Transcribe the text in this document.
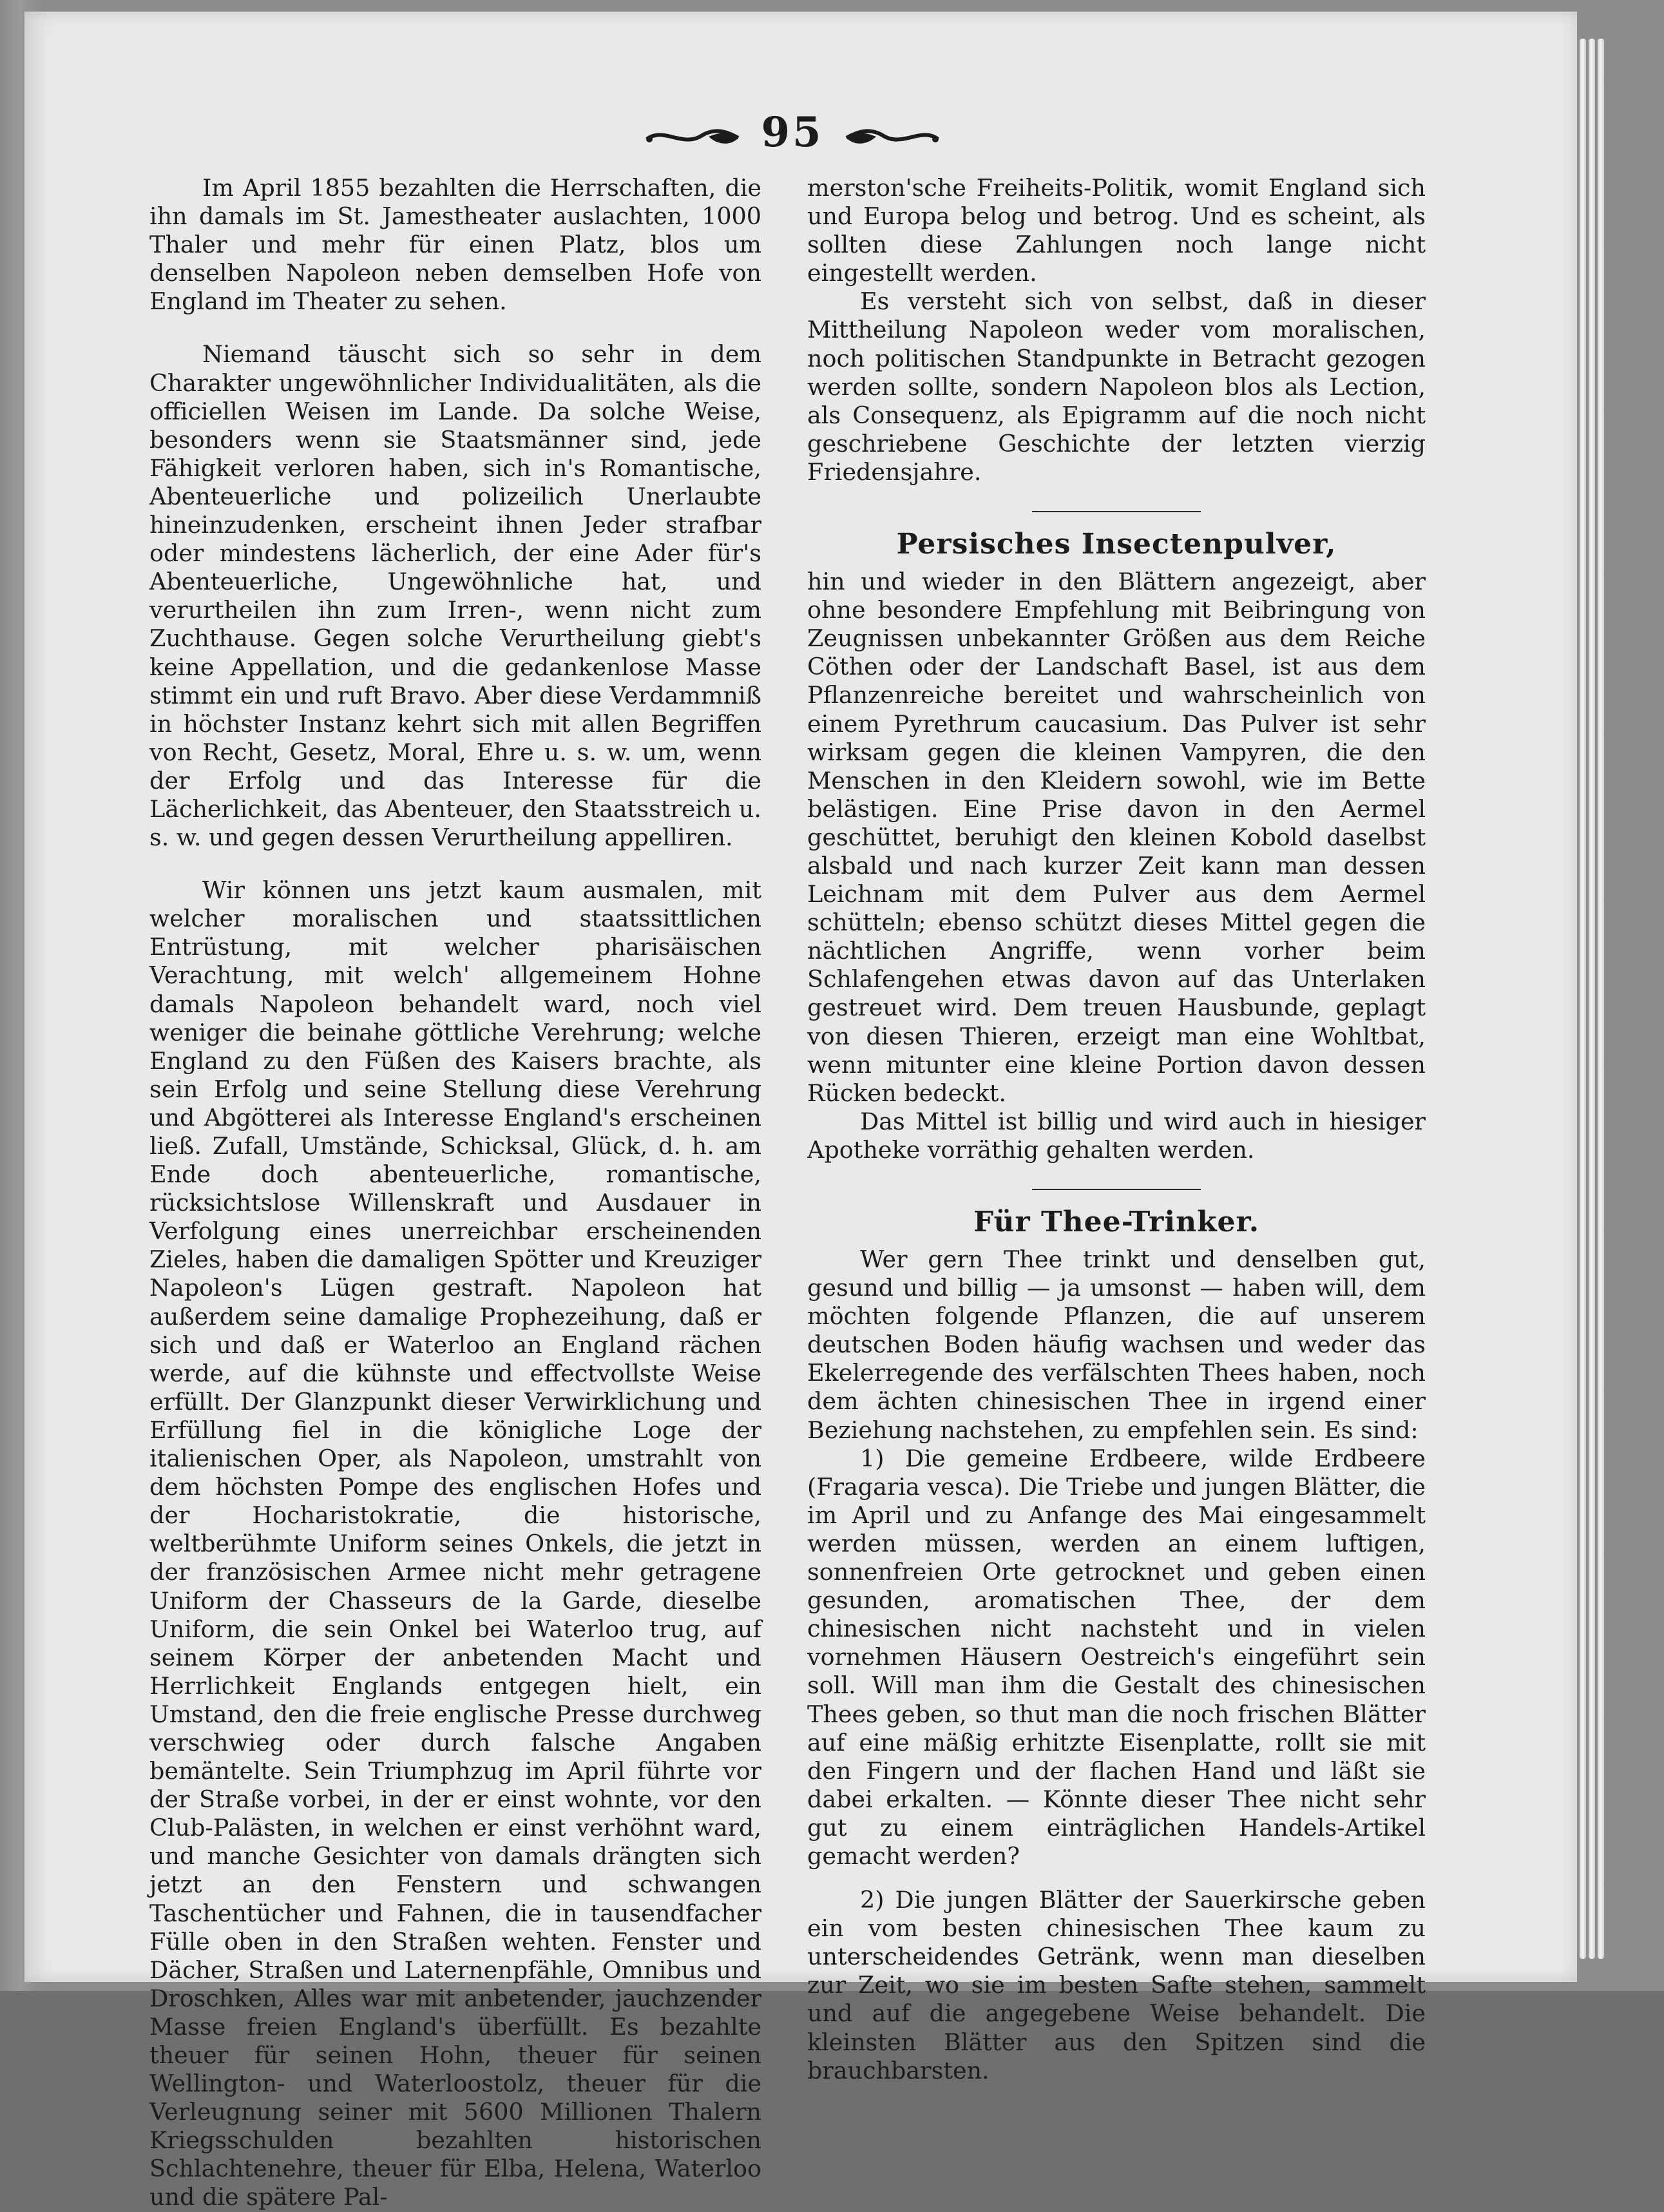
95

Im April 1855 bezahlten die Herrschaften, die ihn damals im St. Jamestheater auslachten, 1000 Thaler und mehr für einen Platz, blos um denselben Napoleon neben demselben Hofe von England im Theater zu sehen.

Niemand täuscht sich so sehr in dem Charakter ungewöhnlicher Individualitäten, als die officiellen Weisen im Lande. Da solche Weise, besonders wenn sie Staatsmänner sind, jede Fähigkeit verloren haben, sich in's Romantische, Abenteuerliche und polizeilich Unerlaubte hineinzudenken, erscheint ihnen Jeder strafbar oder mindestens lächerlich, der eine Ader für's Abenteuerliche, Ungewöhnliche hat, und verurtheilen ihn zum Irren-, wenn nicht zum Zuchthause. Gegen solche Verurtheilung giebt's keine Appellation, und die gedankenlose Masse stimmt ein und ruft Bravo. Aber diese Verdammniß in höchster Instanz kehrt sich mit allen Begriffen von Recht, Gesetz, Moral, Ehre u. s. w. um, wenn der Erfolg und das Interesse für die Lächerlichkeit, das Abenteuer, den Staatsstreich u. s. w. und gegen dessen Verurtheilung appelliren.

Wir können uns jetzt kaum ausmalen, mit welcher moralischen und staatssittlichen Entrüstung, mit welcher pharisäischen Verachtung, mit welch' allgemeinem Hohne damals Napoleon behandelt ward, noch viel weniger die beinahe göttliche Verehrung; welche England zu den Füßen des Kaisers brachte, als sein Erfolg und seine Stellung diese Verehrung und Abgötterei als Interesse England's erscheinen ließ. Zufall, Umstände, Schicksal, Glück, d. h. am Ende doch abenteuerliche, romantische, rücksichtslose Willenskraft und Ausdauer in Verfolgung eines unerreichbar erscheinenden Zieles, haben die damaligen Spötter und Kreuziger Napoleon's Lügen gestraft. Napoleon hat außerdem seine damalige Prophezeihung, daß er sich und daß er Waterloo an England rächen werde, auf die kühnste und effectvollste Weise erfüllt. Der Glanzpunkt dieser Verwirklichung und Erfüllung fiel in die königliche Loge der italienischen Oper, als Napoleon, umstrahlt von dem höchsten Pompe des englischen Hofes und der Hocharistokratie, die historische, weltberühmte Uniform seines Onkels, die jetzt in der französischen Armee nicht mehr getragene Uniform der Chasseurs de la Garde, dieselbe Uniform, die sein Onkel bei Waterloo trug, auf seinem Körper der anbetenden Macht und Herrlichkeit Englands entgegen hielt, ein Umstand, den die freie englische Presse durchweg verschwieg oder durch falsche Angaben bemäntelte. Sein Triumphzug im April führte vor der Straße vorbei, in der er einst wohnte, vor den Club-Palästen, in welchen er einst verhöhnt ward, und manche Gesichter von damals drängten sich jetzt an den Fenstern und schwangen Taschentücher und Fahnen, die in tausendfacher Fülle oben in den Straßen wehten. Fenster und Dächer, Straßen und Laternenpfähle, Omnibus und Droschken, Alles war mit anbetender, jauchzender Masse freien England's überfüllt. Es bezahlte theuer für seinen Hohn, theuer für seinen Wellington- und Waterloostolz, theuer für die Verleugnung seiner mit 5600 Millionen Thalern Kriegsschulden bezahlten historischen Schlachtenehre, theuer für Elba, Helena, Waterloo und die spätere Pal-

merston'sche Freiheits-Politik, womit England sich und Europa belog und betrog. Und es scheint, als sollten diese Zahlungen noch lange nicht eingestellt werden.

Es versteht sich von selbst, daß in dieser Mittheilung Napoleon weder vom moralischen, noch politischen Standpunkte in Betracht gezogen werden sollte, sondern Napoleon blos als Lection, als Consequenz, als Epigramm auf die noch nicht geschriebene Geschichte der letzten vierzig Friedensjahre.

Persisches Insectenpulver,

hin und wieder in den Blättern angezeigt, aber ohne besondere Empfehlung mit Beibringung von Zeugnissen unbekannter Größen aus dem Reiche Cöthen oder der Landschaft Basel, ist aus dem Pflanzenreiche bereitet und wahrscheinlich von einem Pyrethrum caucasium. Das Pulver ist sehr wirksam gegen die kleinen Vampyren, die den Menschen in den Kleidern sowohl, wie im Bette belästigen. Eine Prise davon in den Aermel geschüttet, beruhigt den kleinen Kobold daselbst alsbald und nach kurzer Zeit kann man dessen Leichnam mit dem Pulver aus dem Aermel schütteln; ebenso schützt dieses Mittel gegen die nächtlichen Angriffe, wenn vorher beim Schlafengehen etwas davon auf das Unterlaken gestreuet wird. Dem treuen Hausbunde, geplagt von diesen Thieren, erzeigt man eine Wohltbat, wenn mitunter eine kleine Portion davon dessen Rücken bedeckt.

Das Mittel ist billig und wird auch in hiesiger Apotheke vorräthig gehalten werden.

Für Thee-Trinker.

Wer gern Thee trinkt und denselben gut, gesund und billig — ja umsonst — haben will, dem möchten folgende Pflanzen, die auf unserem deutschen Boden häufig wachsen und weder das Ekelerregende des verfälschten Thees haben, noch dem ächten chinesischen Thee in irgend einer Beziehung nachstehen, zu empfehlen sein. Es sind:

1) Die gemeine Erdbeere, wilde Erdbeere (Fragaria vesca). Die Triebe und jungen Blätter, die im April und zu Anfange des Mai eingesammelt werden müssen, werden an einem luftigen, sonnenfreien Orte getrocknet und geben einen gesunden, aromatischen Thee, der dem chinesischen nicht nachsteht und in vielen vornehmen Häusern Oestreich's eingeführt sein soll. Will man ihm die Gestalt des chinesischen Thees geben, so thut man die noch frischen Blätter auf eine mäßig erhitzte Eisenplatte, rollt sie mit den Fingern und der flachen Hand und läßt sie dabei erkalten. — Könnte dieser Thee nicht sehr gut zu einem einträglichen Handels-Artikel gemacht werden?

2) Die jungen Blätter der Sauerkirsche geben ein vom besten chinesischen Thee kaum zu unterscheidendes Getränk, wenn man dieselben zur Zeit, wo sie im besten Safte stehen, sammelt und auf die angegebene Weise behandelt. Die kleinsten Blätter aus den Spitzen sind die brauchbarsten.
